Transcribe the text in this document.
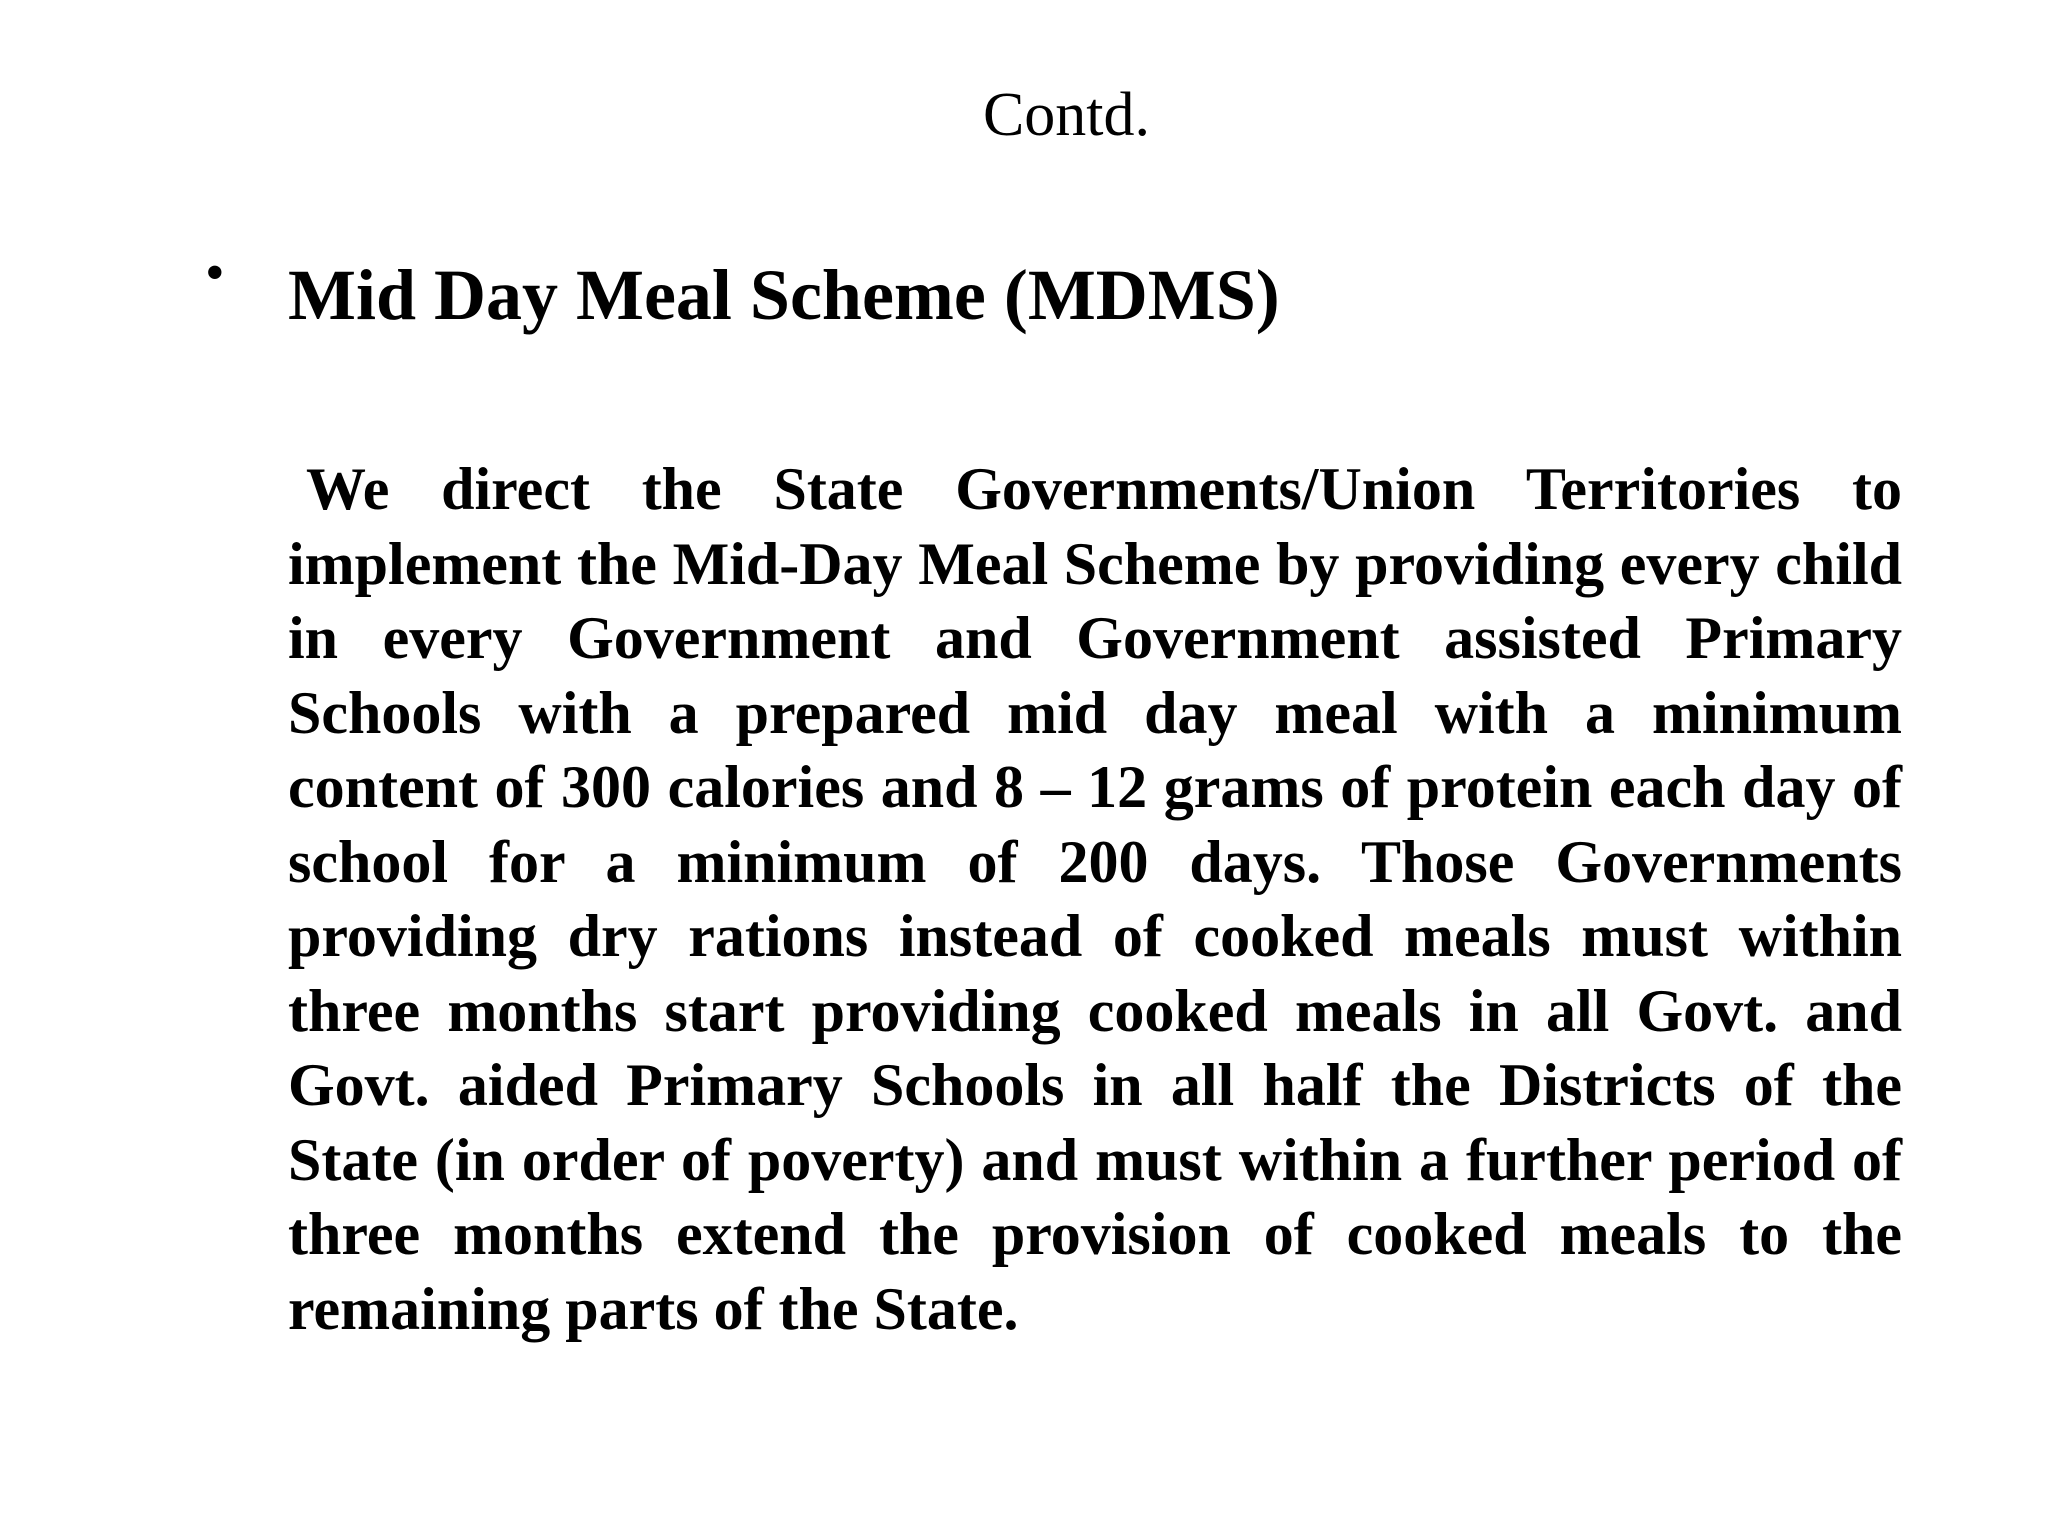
Contd.
• Mid Day Meal Scheme (MDMS)

We direct the State Governments/Union Territories to implement the Mid-Day Meal Scheme by providing every child in every Government and Government assisted Primary Schools with a prepared mid day meal with a minimum content of 300 calories and 8 – 12 grams of protein each day of school for a minimum of 200 days. Those Governments providing dry rations instead of cooked meals must within three months start providing cooked meals in all Govt. and Govt. aided Primary Schools in all half the Districts of the State (in order of poverty) and must within a further period of three months extend the provision of cooked meals to the remaining parts of the State.
